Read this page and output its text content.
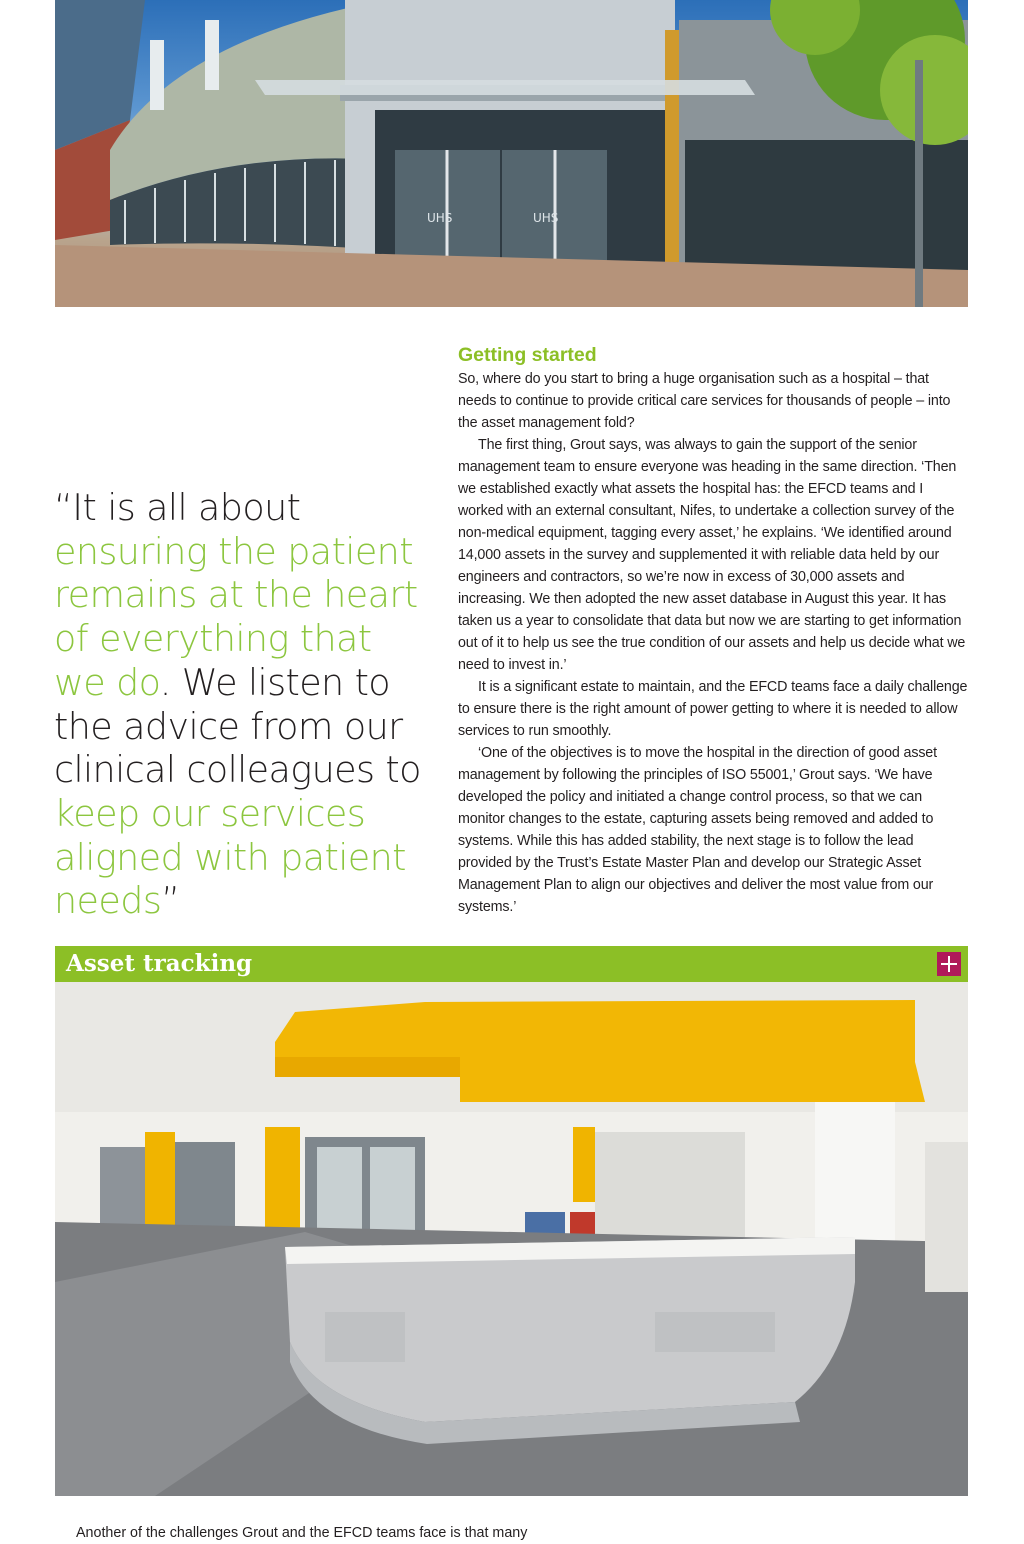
UHS	UHS
“It is all about ensuring the patient remains at the heart of everything that we do. We listen to the advice from our clinical colleagues to keep our services aligned with patient needs”
Getting started

So, where do you start to bring a huge organisation such as a hospital – that needs to continue to provide critical care services for thousands of people – into the asset management fold?

The first thing, Grout says, was always to gain the support of the senior management team to ensure everyone was heading in the same direction. ‘Then we established exactly what assets the hospital has: the EFCD teams and I worked with an external consultant, Nifes, to undertake a collection survey of the non-medical equipment, tagging every asset,’ he explains. ‘We identified around 14,000 assets in the survey and supplemented it with reliable data held by our engineers and contractors, so we’re now in excess of 30,000 assets and increasing. We then adopted the new asset database in August this year. It has taken us a year to consolidate that data but now we are starting to get information out of it to help us see the true condition of our assets and help us decide what we need to invest in.’

It is a significant estate to maintain, and the EFCD teams face a daily challenge to ensure there is the right amount of power getting to where it is needed to allow services to run smoothly.

‘One of the objectives is to move the hospital in the direction of good asset management by following the principles of ISO 55001,’ Grout says. ‘We have developed the policy and initiated a change control process, so that we can monitor changes to the estate, capturing assets being removed and added to systems. While this has added stability, the next stage is to follow the lead provided by the Trust’s Estate Master Plan and develop our Strategic Asset Management Plan to align our objectives and deliver the most value from our systems.’

Asset tracking
Another of the challenges Grout and the EFCD teams face is that many
